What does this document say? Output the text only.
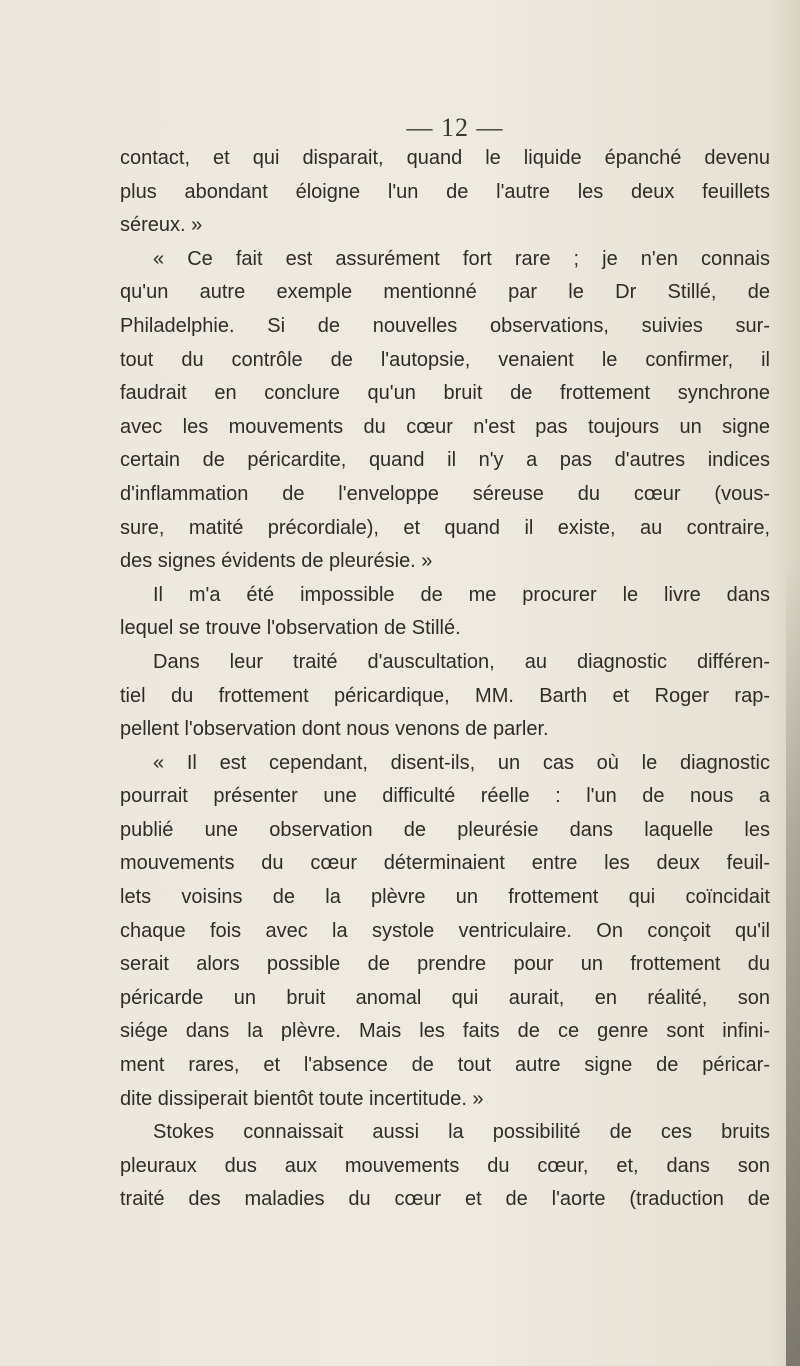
— 12 —
contact, et qui disparait, quand le liquide épanché devenu
plus abondant éloigne l'un de l'autre les deux feuillets
séreux. »
« Ce fait est assurément fort rare ; je n'en connais
qu'un autre exemple mentionné par le Dr Stillé, de
Philadelphie. Si de nouvelles observations, suivies sur-
tout du contrôle de l'autopsie, venaient le confirmer, il
faudrait en conclure qu'un bruit de frottement synchrone
avec les mouvements du cœur n'est pas toujours un signe
certain de péricardite, quand il n'y a pas d'autres indices
d'inflammation de l'enveloppe séreuse du cœur (vous-
sure, matité précordiale), et quand il existe, au contraire,
des signes évidents de pleurésie. »
Il m'a été impossible de me procurer le livre dans
lequel se trouve l'observation de Stillé.
Dans leur traité d'auscultation, au diagnostic différen-
tiel du frottement péricardique, MM. Barth et Roger rap-
pellent l'observation dont nous venons de parler.
« Il est cependant, disent-ils, un cas où le diagnostic
pourrait présenter une difficulté réelle : l'un de nous a
publié une observation de pleurésie dans laquelle les
mouvements du cœur déterminaient entre les deux feuil-
lets voisins de la plèvre un frottement qui coïncidait
chaque fois avec la systole ventriculaire. On conçoit qu'il
serait alors possible de prendre pour un frottement du
péricarde un bruit anomal qui aurait, en réalité, son
siége dans la plèvre. Mais les faits de ce genre sont infini-
ment rares, et l'absence de tout autre signe de péricar-
dite dissiperait bientôt toute incertitude. »
Stokes connaissait aussi la possibilité de ces bruits
pleuraux dus aux mouvements du cœur, et, dans son
traité des maladies du cœur et de l'aorte (traduction de
